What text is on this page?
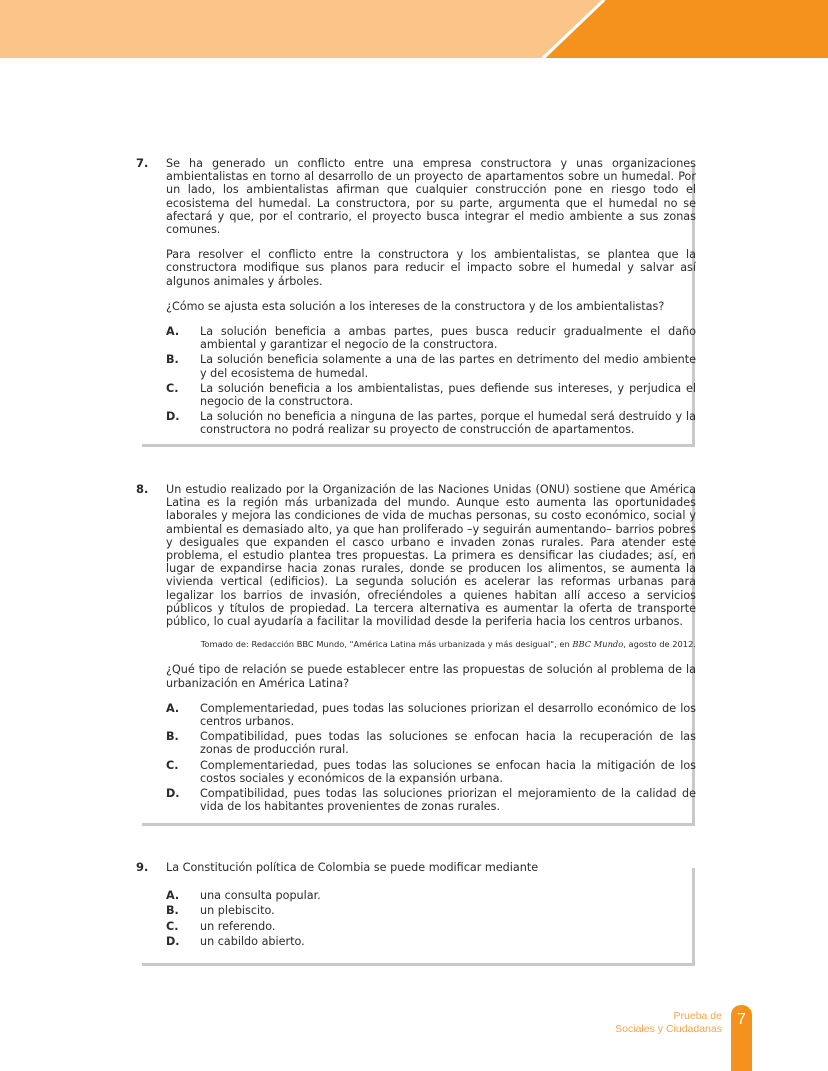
7. Se ha generado un conflicto entre una empresa constructora y unas organizaciones ambientalistas en torno al desarrollo de un proyecto de apartamentos sobre un humedal. Por un lado, los ambientalistas afirman que cualquier construcción pone en riesgo todo el ecosistema del humedal. La constructora, por su parte, argumenta que el humedal no se afectará y que, por el contrario, el proyecto busca integrar el medio ambiente a sus zonas comunes.

Para resolver el conflicto entre la constructora y los ambientalistas, se plantea que la constructora modifique sus planos para reducir el impacto sobre el humedal y salvar así algunos animales y árboles.

¿Cómo se ajusta esta solución a los intereses de la constructora y de los ambientalistas?

A.	La solución beneficia a ambas partes, pues busca reducir gradualmente el daño ambiental y garantizar el negocio de la constructora.
B.	La solución beneficia solamente a una de las partes en detrimento del medio ambiente y del ecosistema de humedal.
C.	La solución beneficia a los ambientalistas, pues defiende sus intereses, y perjudica el negocio de la constructora.
D.	La solución no beneficia a ninguna de las partes, porque el humedal será destruido y la constructora no podrá realizar su proyecto de construcción de apartamentos.
8. Un estudio realizado por la Organización de las Naciones Unidas (ONU) sostiene que América Latina es la región más urbanizada del mundo. Aunque esto aumenta las oportunidades laborales y mejora las condiciones de vida de muchas personas, su costo económico, social y ambiental es demasiado alto, ya que han proliferado –y seguirán aumentando– barrios pobres y desiguales que expanden el casco urbano e invaden zonas rurales. Para atender este problema, el estudio plantea tres propuestas. La primera es densificar las ciudades; así, en lugar de expandirse hacia zonas rurales, donde se producen los alimentos, se aumenta la vivienda vertical (edificios). La segunda solución es acelerar las reformas urbanas para legalizar los barrios de invasión, ofreciéndoles a quienes habitan allí acceso a servicios públicos y títulos de propiedad. La tercera alternativa es aumentar la oferta de transporte público, lo cual ayudaría a facilitar la movilidad desde la periferia hacia los centros urbanos.

Tomado de: Redacción BBC Mundo, "América Latina más urbanizada y más desigual", en BBC Mundo, agosto de 2012.

¿Qué tipo de relación se puede establecer entre las propuestas de solución al problema de la urbanización en América Latina?

A.	Complementariedad, pues todas las soluciones priorizan el desarrollo económico de los centros urbanos.
B.	Compatibilidad, pues todas las soluciones se enfocan hacia la recuperación de las zonas de producción rural.
C.	Complementariedad, pues todas las soluciones se enfocan hacia la mitigación de los costos sociales y económicos de la expansión urbana.
D.	Compatibilidad, pues todas las soluciones priorizan el mejoramiento de la calidad de vida de los habitantes provenientes de zonas rurales.
9. La Constitución política de Colombia se puede modificar mediante

A.	una consulta popular.
B.	un plebiscito.
C.	un referendo.
D.	un cabildo abierto.
Prueba de
Sociales y Ciudadanas
7
